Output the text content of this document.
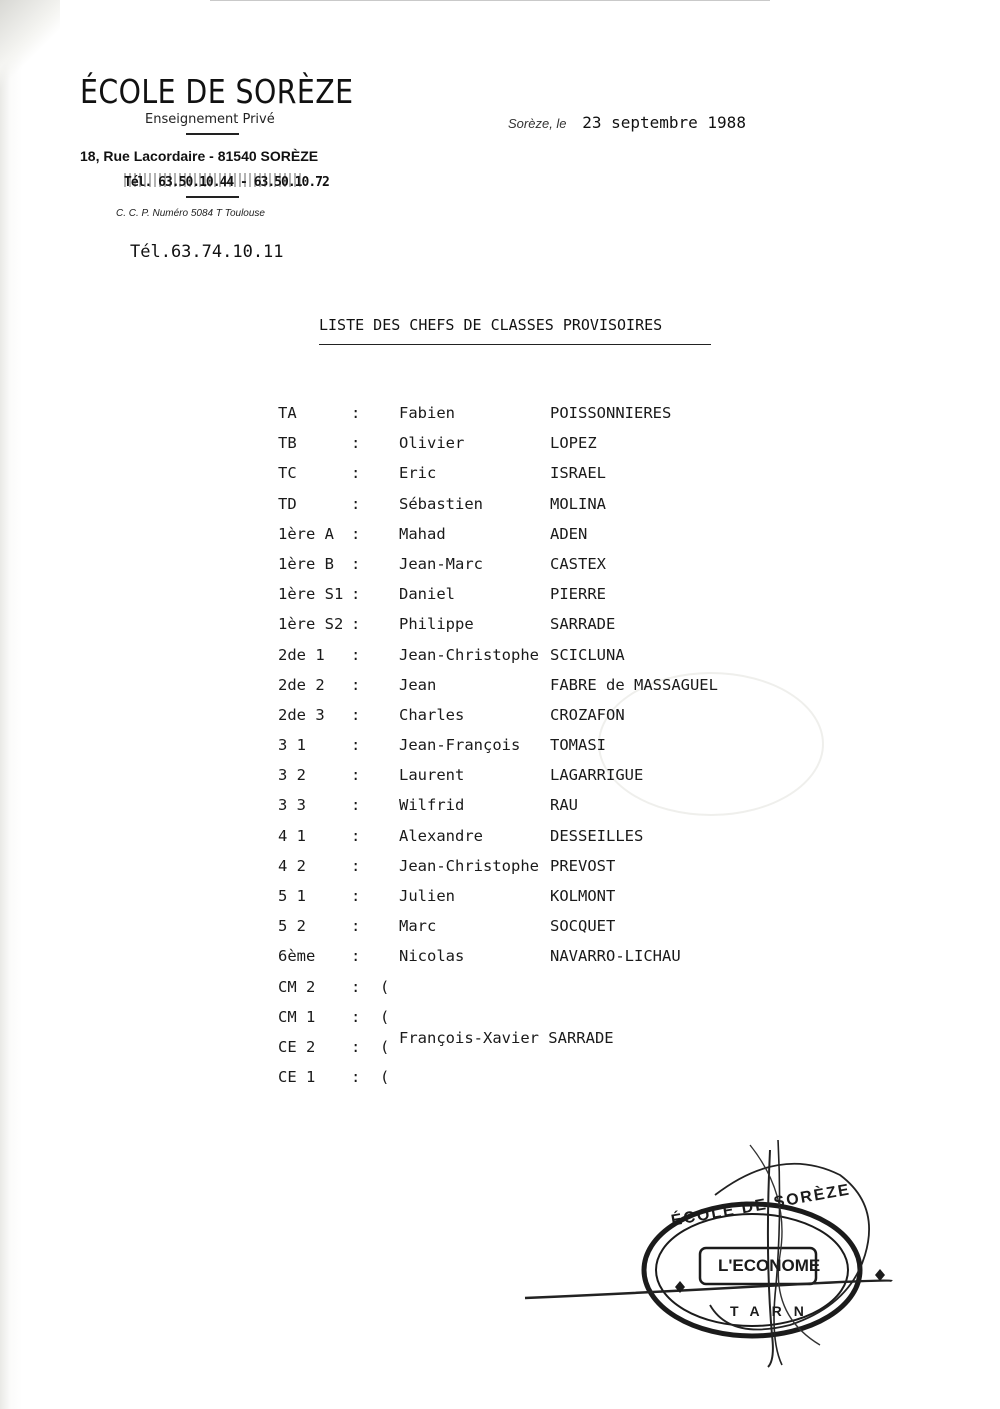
ÉCOLE DE SORÈZE
Enseignement Privé
18, Rue Lacordaire - 81540 SORÈZE
Tél. 63.50.10.44 - 63.50.10.72
C. C. P. Numéro 5084 T Toulouse
Tél.63.74.10.11
Sorèze, le 23 septembre 1988
LISTE DES CHEFS DE CLASSES PROVISOIRES
TA	: Fabien	POISSONNIERES
TB	: Olivier	LOPEZ
TC	: Eric	ISRAEL
TD	: Sébastien	MOLINA
1ère A : Mahad	ADEN
1ère B : Jean-Marc	CASTEX
1ère S1 : Daniel	PIERRE
1ère S2 : Philippe	SARRADE
2de 1 : Jean-Christophe SCICLUNA
2de 2 : Jean	FABRE de MASSAGUEL
2de 3 : Charles	CROZAFON
3 1	: Jean-François TOMASI
3 2	: Laurent	LAGARRIGUE
3 3	: Wilfrid	RAU
4 1	: Alexandre	DESSEILLES
4 2	: Jean-Christophe PREVOST
5 1	: Julien	KOLMONT
5 2	: Marc	SOCQUET
6ème : Nicolas	NAVARRO-LICHAU
CM 2 : (
CM 1 : (
CE 2 : (
CE 1 : (
François-Xavier SARRADE
ÉCOLE DE SORÈZE
L'ECONOME
TARN
